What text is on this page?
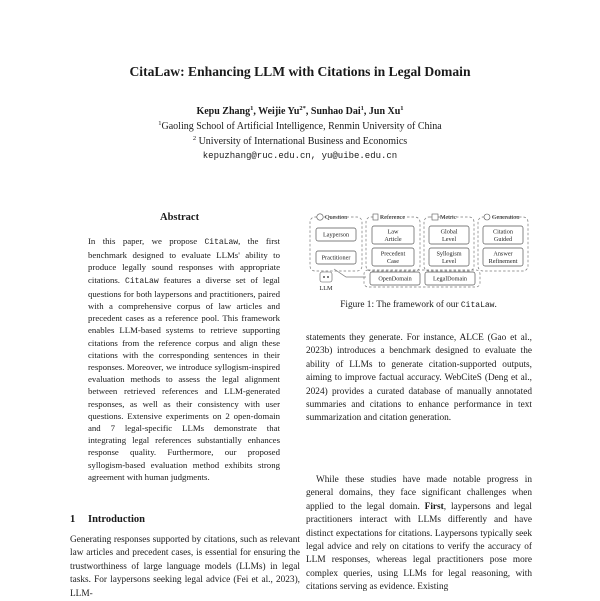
CitaLaw: Enhancing LLM with Citations in Legal Domain
Kepu Zhang$^1$, Weijie $Yu^{2*}$, Sunhao Dai$^1$, Jun Xu$^1$
$^1$Gaoling School of Artificial Intelligence, Renmin University of China
$^2$ University of International Business and Economics
kepuzhang@ruc.edu.cn, yu@uibe.edu.cn
Abstract
In this paper, we propose CitaLaw, the first benchmark designed to evaluate LLMs' ability to produce legally sound responses with appropriate citations. CitaLaw features a diverse set of legal questions for both laypersons and practitioners, paired with a comprehensive corpus of law articles and precedent cases as a reference pool. This framework enables LLM-based systems to retrieve supporting citations from the reference corpus and align these citations with the corresponding sentences in their responses. Moreover, we introduce syllogism-inspired evaluation methods to assess the legal alignment between retrieved references and LLM-generated responses, as well as their consistency with user questions. Extensive experiments on 2 open-domain and 7 legal-specific LLMs demonstrate that integrating legal references substantially enhances response quality. Furthermore, our proposed syllogism-based evaluation method exhibits strong agreement with human judgments.
1 Introduction
Generating responses supported by citations, such as relevant law articles and precedent cases, is essential for ensuring the trustworthiness of large language models (LLMs) in legal tasks. For laypersons seeking legal advice (Fei et al., 2023), LLM-
Question
Layperson
Practitioner
Reference
Law
Article
Precedent
Case
Metric
Global
Level
Syllogism
Level
Generation
Citation
Guided
Answer
Refinement
LLM
OpenDomain	LegalDomain
Figure 1: The framework of our CitaLaw.
statements they generate. For instance, ALCE (Gao et al., 2023b) introduces a benchmark designed to evaluate the ability of LLMs to generate citation-supported outputs, aiming to improve factual accuracy. WebCiteS (Deng et al., 2024) provides a curated database of manually annotated summaries and citations to enhance performance in text summarization and citation generation.
While these studies have made notable progress in general domains, they face significant challenges when applied to the legal domain. First, laypersons and legal practitioners interact with LLMs differently and have distinct expectations for citations. Laypersons typically seek legal advice and rely on citations to verify the accuracy of LLM responses, whereas legal practitioners pose more complex queries, using LLMs for legal reasoning, with citations serving as evidence. Existing
